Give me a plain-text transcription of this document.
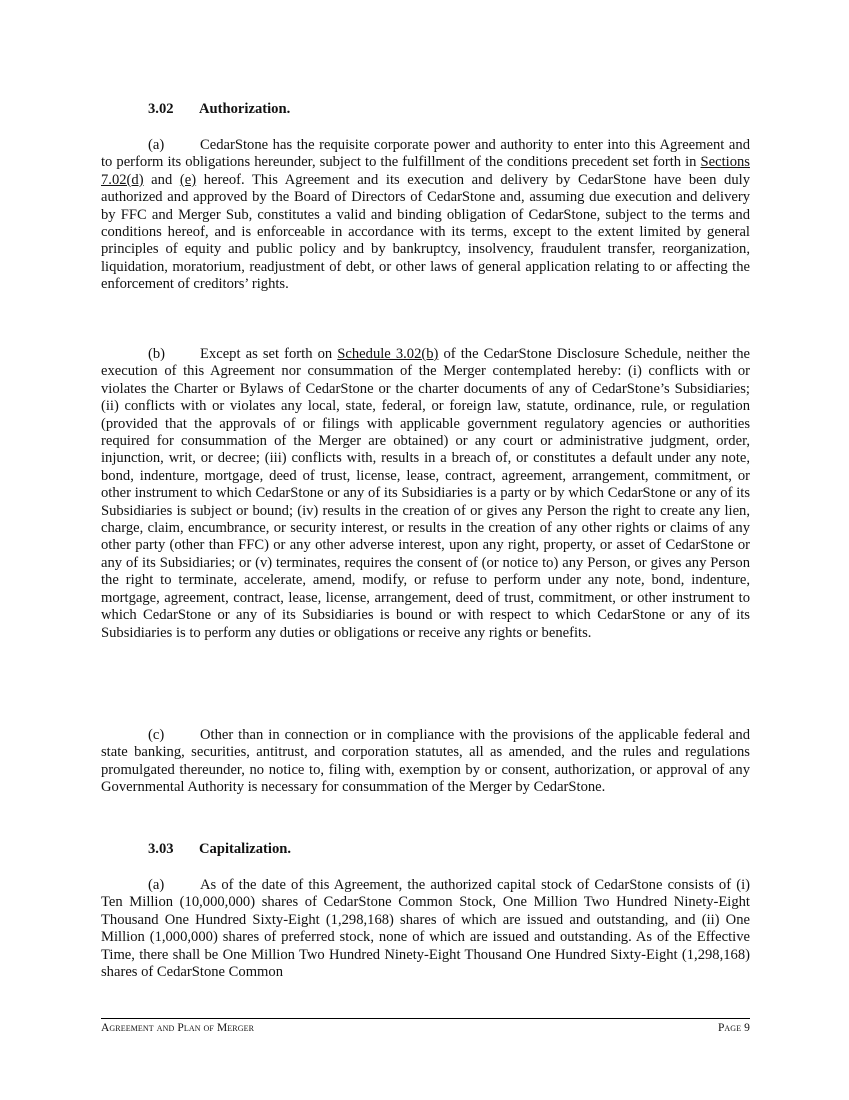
3.02 Authorization.

(a) CedarStone has the requisite corporate power and authority to enter into this Agreement and to perform its obligations hereunder, subject to the fulfillment of the conditions precedent set forth in Sections 7.02(d) and (e) hereof. This Agreement and its execution and delivery by CedarStone have been duly authorized and approved by the Board of Directors of CedarStone and, assuming due execution and delivery by FFC and Merger Sub, constitutes a valid and binding obligation of CedarStone, subject to the terms and conditions hereof, and is enforceable in accordance with its terms, except to the extent limited by general principles of equity and public policy and by bankruptcy, insolvency, fraudulent transfer, reorganization, liquidation, moratorium, readjustment of debt, or other laws of general application relating to or affecting the enforcement of creditors’ rights.

(b) Except as set forth on Schedule 3.02(b) of the CedarStone Disclosure Schedule, neither the execution of this Agreement nor consummation of the Merger contemplated hereby: (i) conflicts with or violates the Charter or Bylaws of CedarStone or the charter documents of any of CedarStone’s Subsidiaries; (ii) conflicts with or violates any local, state, federal, or foreign law, statute, ordinance, rule, or regulation (provided that the approvals of or filings with applicable government regulatory agencies or authorities required for consummation of the Merger are obtained) or any court or administrative judgment, order, injunction, writ, or decree; (iii) conflicts with, results in a breach of, or constitutes a default under any note, bond, indenture, mortgage, deed of trust, license, lease, contract, agreement, arrangement, commitment, or other instrument to which CedarStone or any of its Subsidiaries is a party or by which CedarStone or any of its Subsidiaries is subject or bound; (iv) results in the creation of or gives any Person the right to create any lien, charge, claim, encumbrance, or security interest, or results in the creation of any other rights or claims of any other party (other than FFC) or any other adverse interest, upon any right, property, or asset of CedarStone or any of its Subsidiaries; or (v) terminates, requires the consent of (or notice to) any Person, or gives any Person the right to terminate, accelerate, amend, modify, or refuse to perform under any note, bond, indenture, mortgage, agreement, contract, lease, license, arrangement, deed of trust, commitment, or other instrument to which CedarStone or any of its Subsidiaries is bound or with respect to which CedarStone or any of its Subsidiaries is to perform any duties or obligations or receive any rights or benefits.

(c) Other than in connection or in compliance with the provisions of the applicable federal and state banking, securities, antitrust, and corporation statutes, all as amended, and the rules and regulations promulgated thereunder, no notice to, filing with, exemption by or consent, authorization, or approval of any Governmental Authority is necessary for consummation of the Merger by CedarStone.

3.03 Capitalization.

(a) As of the date of this Agreement, the authorized capital stock of CedarStone consists of (i) Ten Million (10,000,000) shares of CedarStone Common Stock, One Million Two Hundred Ninety-Eight Thousand One Hundred Sixty-Eight (1,298,168) shares of which are issued and outstanding, and (ii) One Million (1,000,000) shares of preferred stock, none of which are issued and outstanding. As of the Effective Time, there shall be One Million Two Hundred Ninety-Eight Thousand One Hundred Sixty-Eight (1,298,168) shares of CedarStone Common

Agreement and Plan of Merger	Page 9
